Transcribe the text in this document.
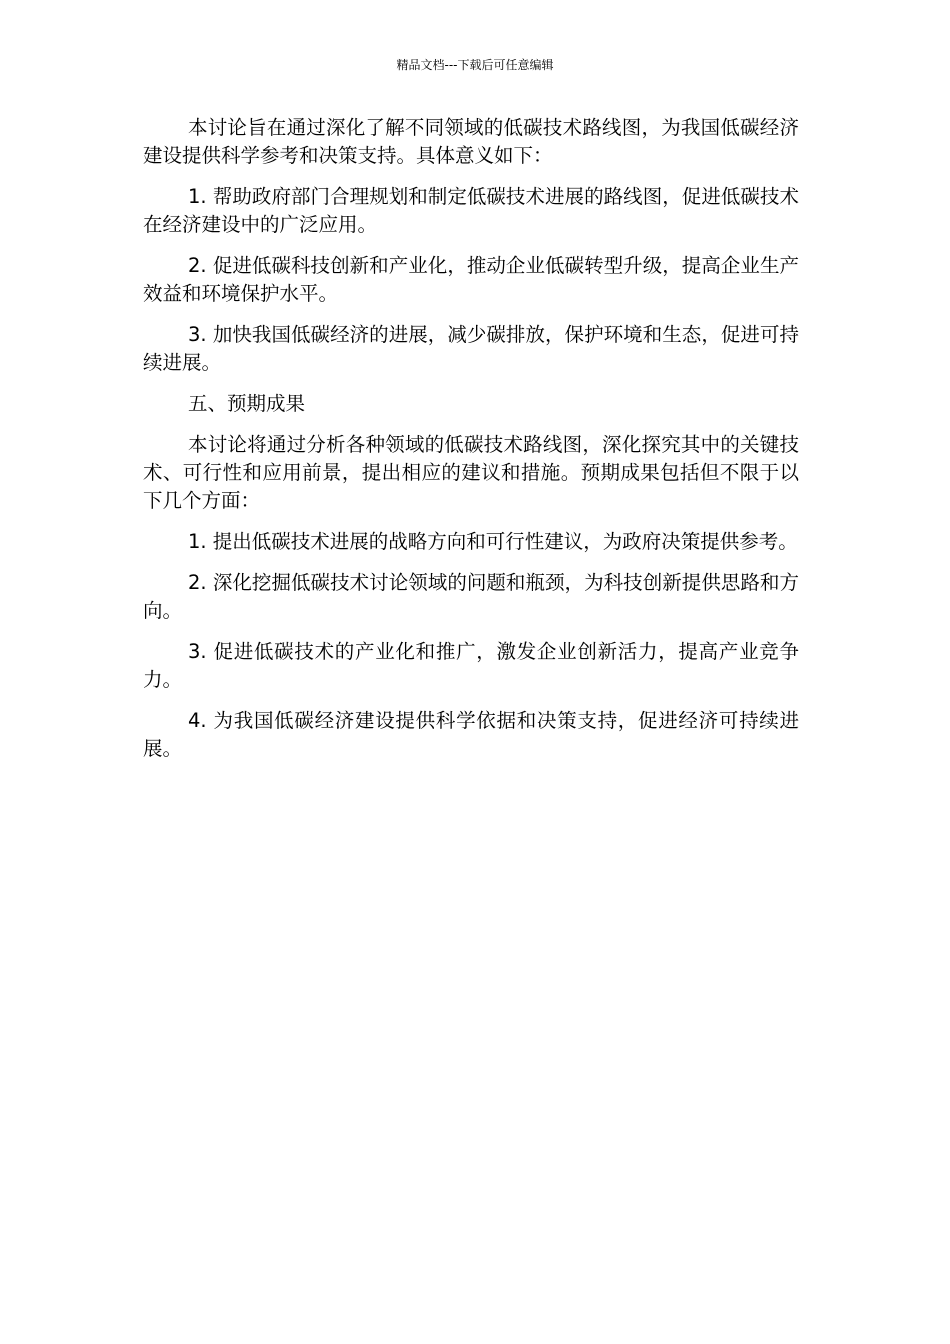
精品文档---下载后可任意编辑

本讨论旨在通过深化了解不同领域的低碳技术路线图，为我国低碳经济建设提供科学参考和决策支持。具体意义如下：

1. 帮助政府部门合理规划和制定低碳技术进展的路线图，促进低碳技术在经济建设中的广泛应用。

2. 促进低碳科技创新和产业化，推动企业低碳转型升级，提高企业生产效益和环境保护水平。

3. 加快我国低碳经济的进展，减少碳排放，保护环境和生态，促进可持续进展。

五、预期成果

本讨论将通过分析各种领域的低碳技术路线图，深化探究其中的关键技术、可行性和应用前景，提出相应的建议和措施。预期成果包括但不限于以下几个方面：

1. 提出低碳技术进展的战略方向和可行性建议，为政府决策提供参考。

2. 深化挖掘低碳技术讨论领域的问题和瓶颈，为科技创新提供思路和方向。

3. 促进低碳技术的产业化和推广，激发企业创新活力，提高产业竞争力。

4. 为我国低碳经济建设提供科学依据和决策支持，促进经济可持续进展。
